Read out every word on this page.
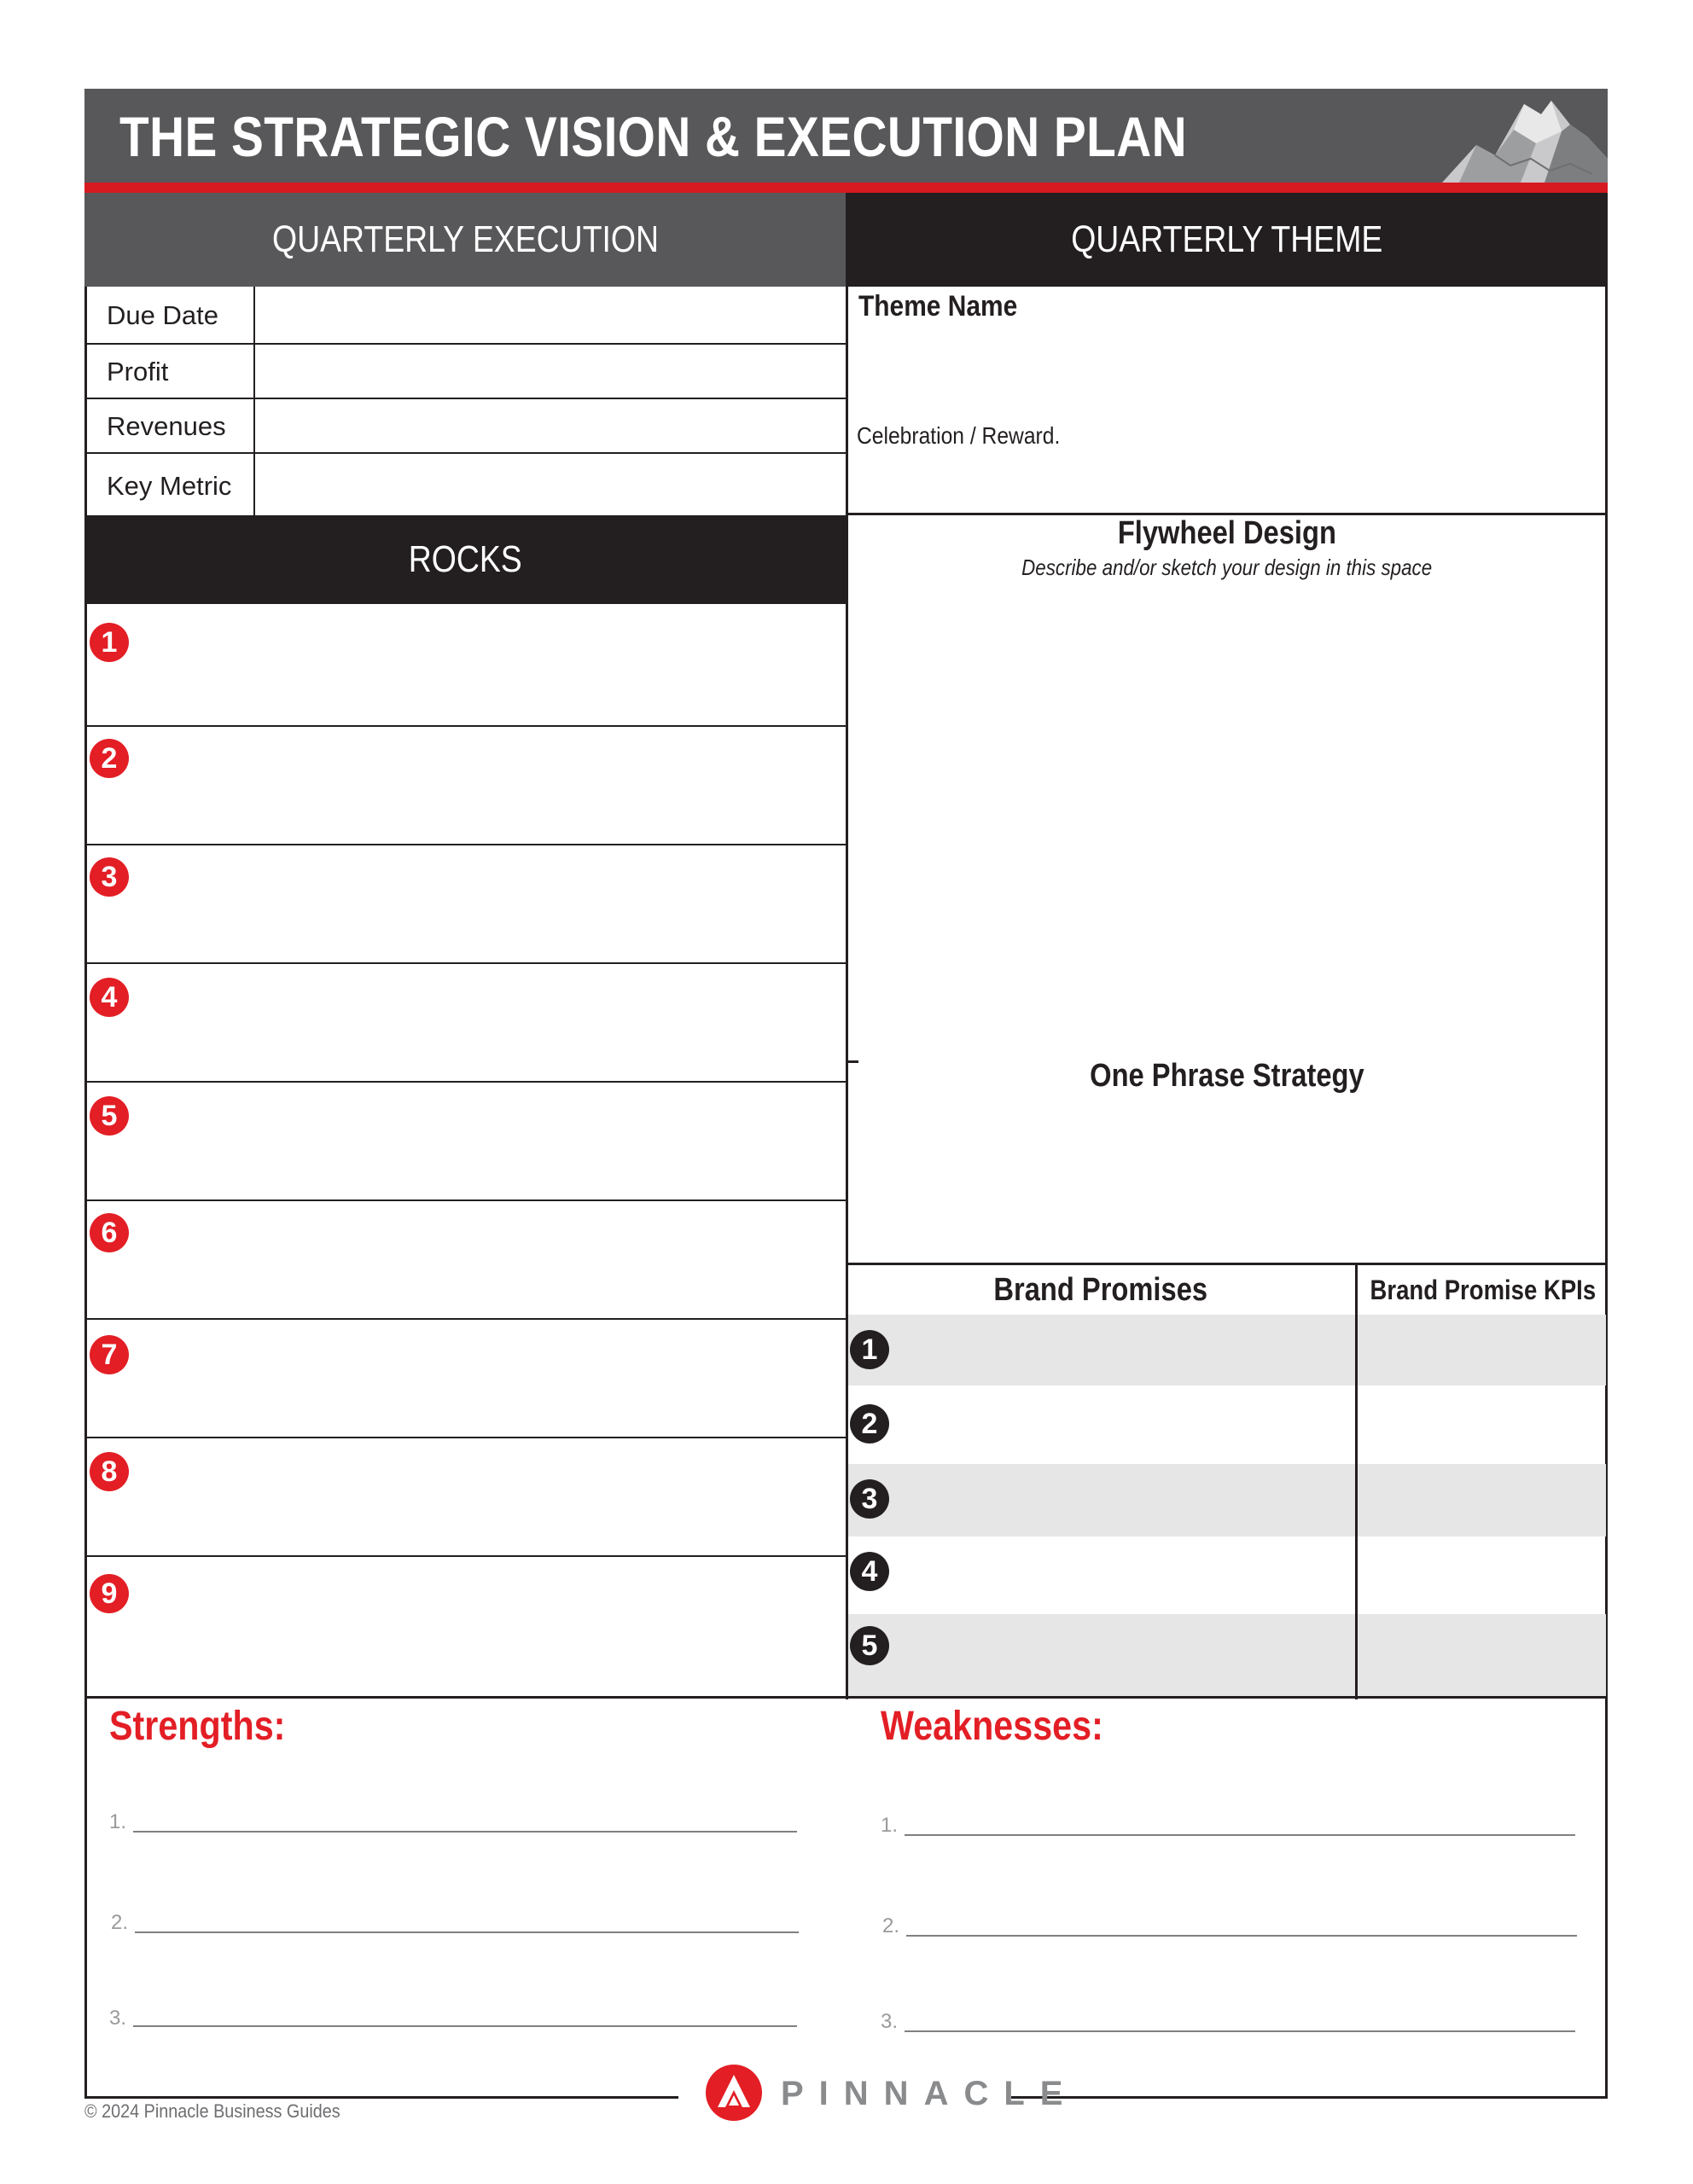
THE STRATEGIC VISION & EXECUTION PLAN
QUARTERLY EXECUTION	QUARTERLY THEME
Due Date
Profit
Revenues
Key Metric
Theme Name
Celebration / Reward.
ROCKS
1
2
3
4
5
6
7
8
9
Flywheel Design
Describe and/or sketch your design in this space
One Phrase Strategy
1
2
3
4
5
Brand Promises	Brand Promise KPIs
Strengths:
1.
2.
3.
Weaknesses:
1.
2.
3.
© 2024 Pinnacle Business Guides	PINNACLE
